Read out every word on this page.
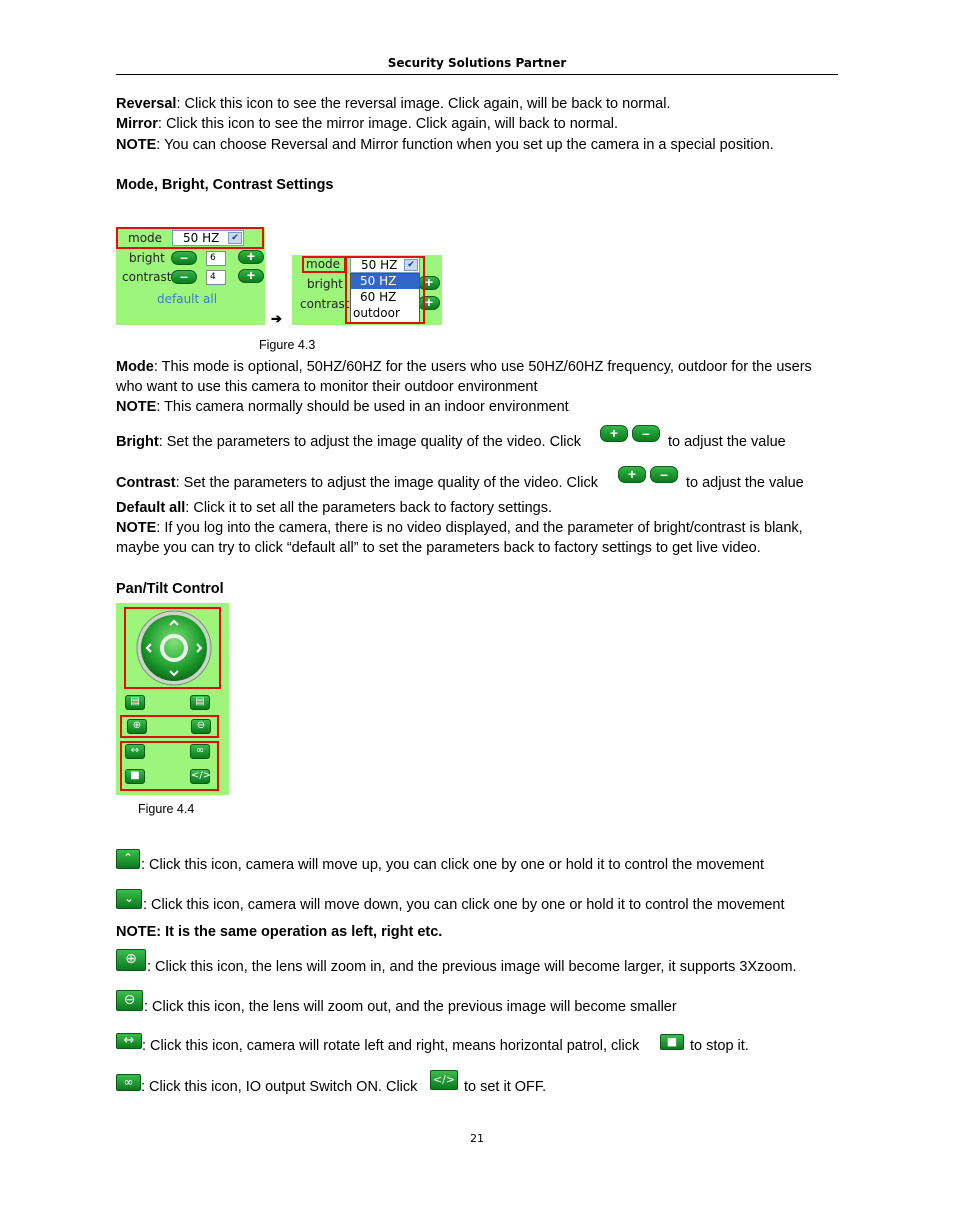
Security Solutions Partner
Reversal: Click this icon to see the reversal image. Click again, will be back to normal.
Mirror: Click this icon to see the mirror image. Click again, will back to normal.
NOTE: You can choose Reversal and Mirror function when you set up the camera in a special position.
Mode, Bright, Contrast Settings
mode	50 HZ	✔
bright	–	6	+
contrast –	4	+
default all
➔
mode
bright
contrast
+
+
50 HZ	✔
50 HZ
60 HZ
outdoor
Figure 4.3
Mode: This mode is optional, 50HZ/60HZ for the users who use 50HZ/60HZ frequency, outdoor for the users who want to use this camera to monitor their outdoor environment
NOTE: This camera normally should be used in an indoor environment
Bright: Set the parameters to adjust the image quality of the video. Click
+	–
to adjust the value
Contrast: Set the parameters to adjust the image quality of the video. Click
+	–
to adjust the value
Default all: Click it to set all the parameters back to factory settings.
NOTE: If you log into the camera, there is no video displayed, and the parameter of bright/contrast is blank, maybe you can try to click “default all” to set the parameters back to factory settings to get live video.
Pan/Tilt Control
▤	▤
⊕	⊖
↔	∞
■	</>
Figure 4.4
⌃ : Click this icon, camera will move up, you can click one by one or hold it to control the movement
⌄ : Click this icon, camera will move down, you can click one by one or hold it to control the movement
NOTE: It is the same operation as left, right etc.
⊕ : Click this icon, the lens will zoom in, and the previous image will become larger, it supports 3Xzoom.
⊖ : Click this icon, the lens will zoom out, and the previous image will become smaller
↔ : Click this icon, camera will rotate left and right, means horizontal patrol, click	■ to stop it.
∞ : Click this icon, IO output Switch ON. Click	</> to set it OFF.
21
